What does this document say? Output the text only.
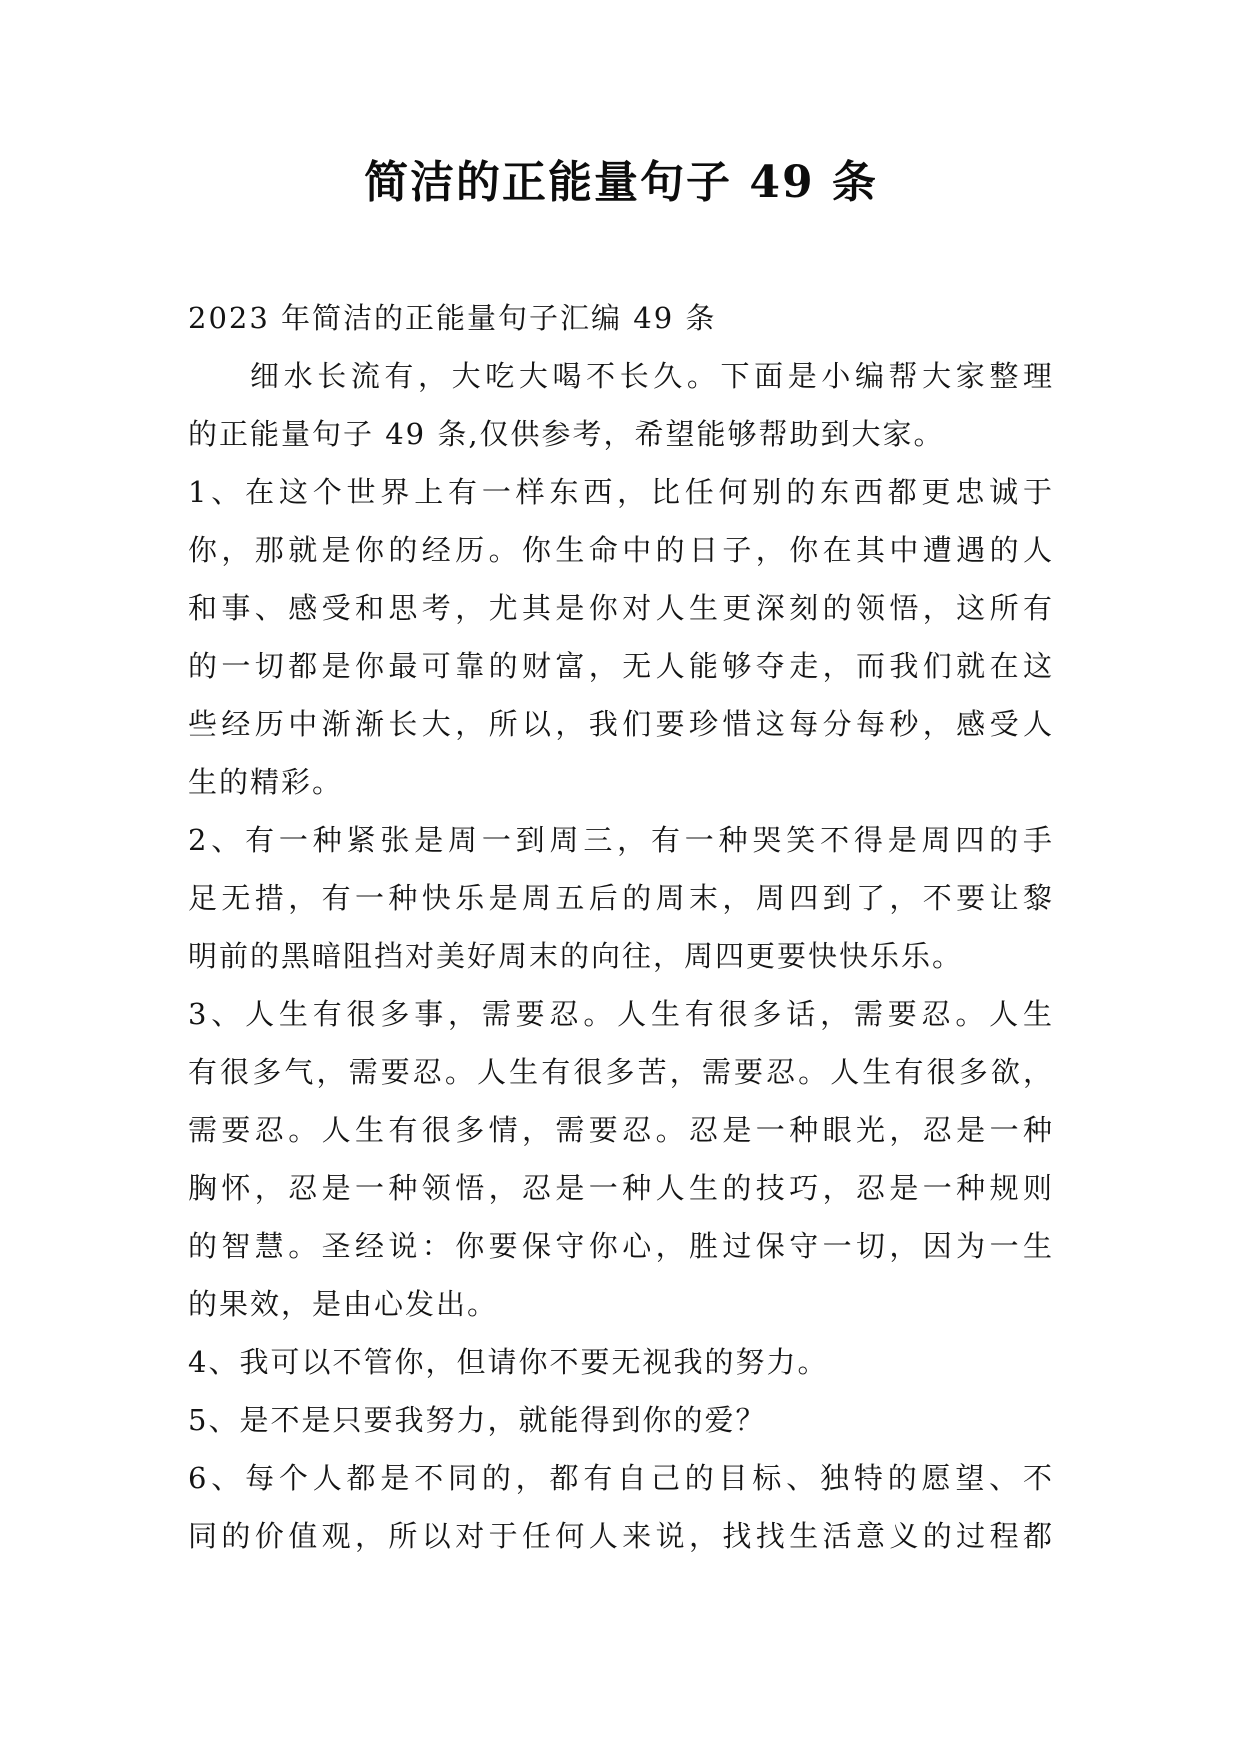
简洁的正能量句子 49 条
2023 年简洁的正能量句子汇编 49 条
细水长流有，大吃大喝不长久。下面是小编帮大家整理
的正能量句子 49 条,仅供参考，希望能够帮助到大家。
1、在这个世界上有一样东西，比任何别的东西都更忠诚于
你，那就是你的经历。你生命中的日子，你在其中遭遇的人
和事、感受和思考，尤其是你对人生更深刻的领悟，这所有
的一切都是你最可靠的财富，无人能够夺走，而我们就在这
些经历中渐渐长大，所以，我们要珍惜这每分每秒，感受人
生的精彩。
2、有一种紧张是周一到周三，有一种哭笑不得是周四的手
足无措，有一种快乐是周五后的周末，周四到了，不要让黎
明前的黑暗阻挡对美好周末的向往，周四更要快快乐乐。
3、人生有很多事，需要忍。人生有很多话，需要忍。人生
有很多气，需要忍。人生有很多苦，需要忍。人生有很多欲，
需要忍。人生有很多情，需要忍。忍是一种眼光，忍是一种
胸怀，忍是一种领悟，忍是一种人生的技巧，忍是一种规则
的智慧。圣经说：你要保守你心，胜过保守一切，因为一生
的果效，是由心发出。
4、我可以不管你，但请你不要无视我的努力。
5、是不是只要我努力，就能得到你的爱？
6、每个人都是不同的，都有自己的目标、独特的愿望、不
同的价值观，所以对于任何人来说，找找生活意义的过程都
